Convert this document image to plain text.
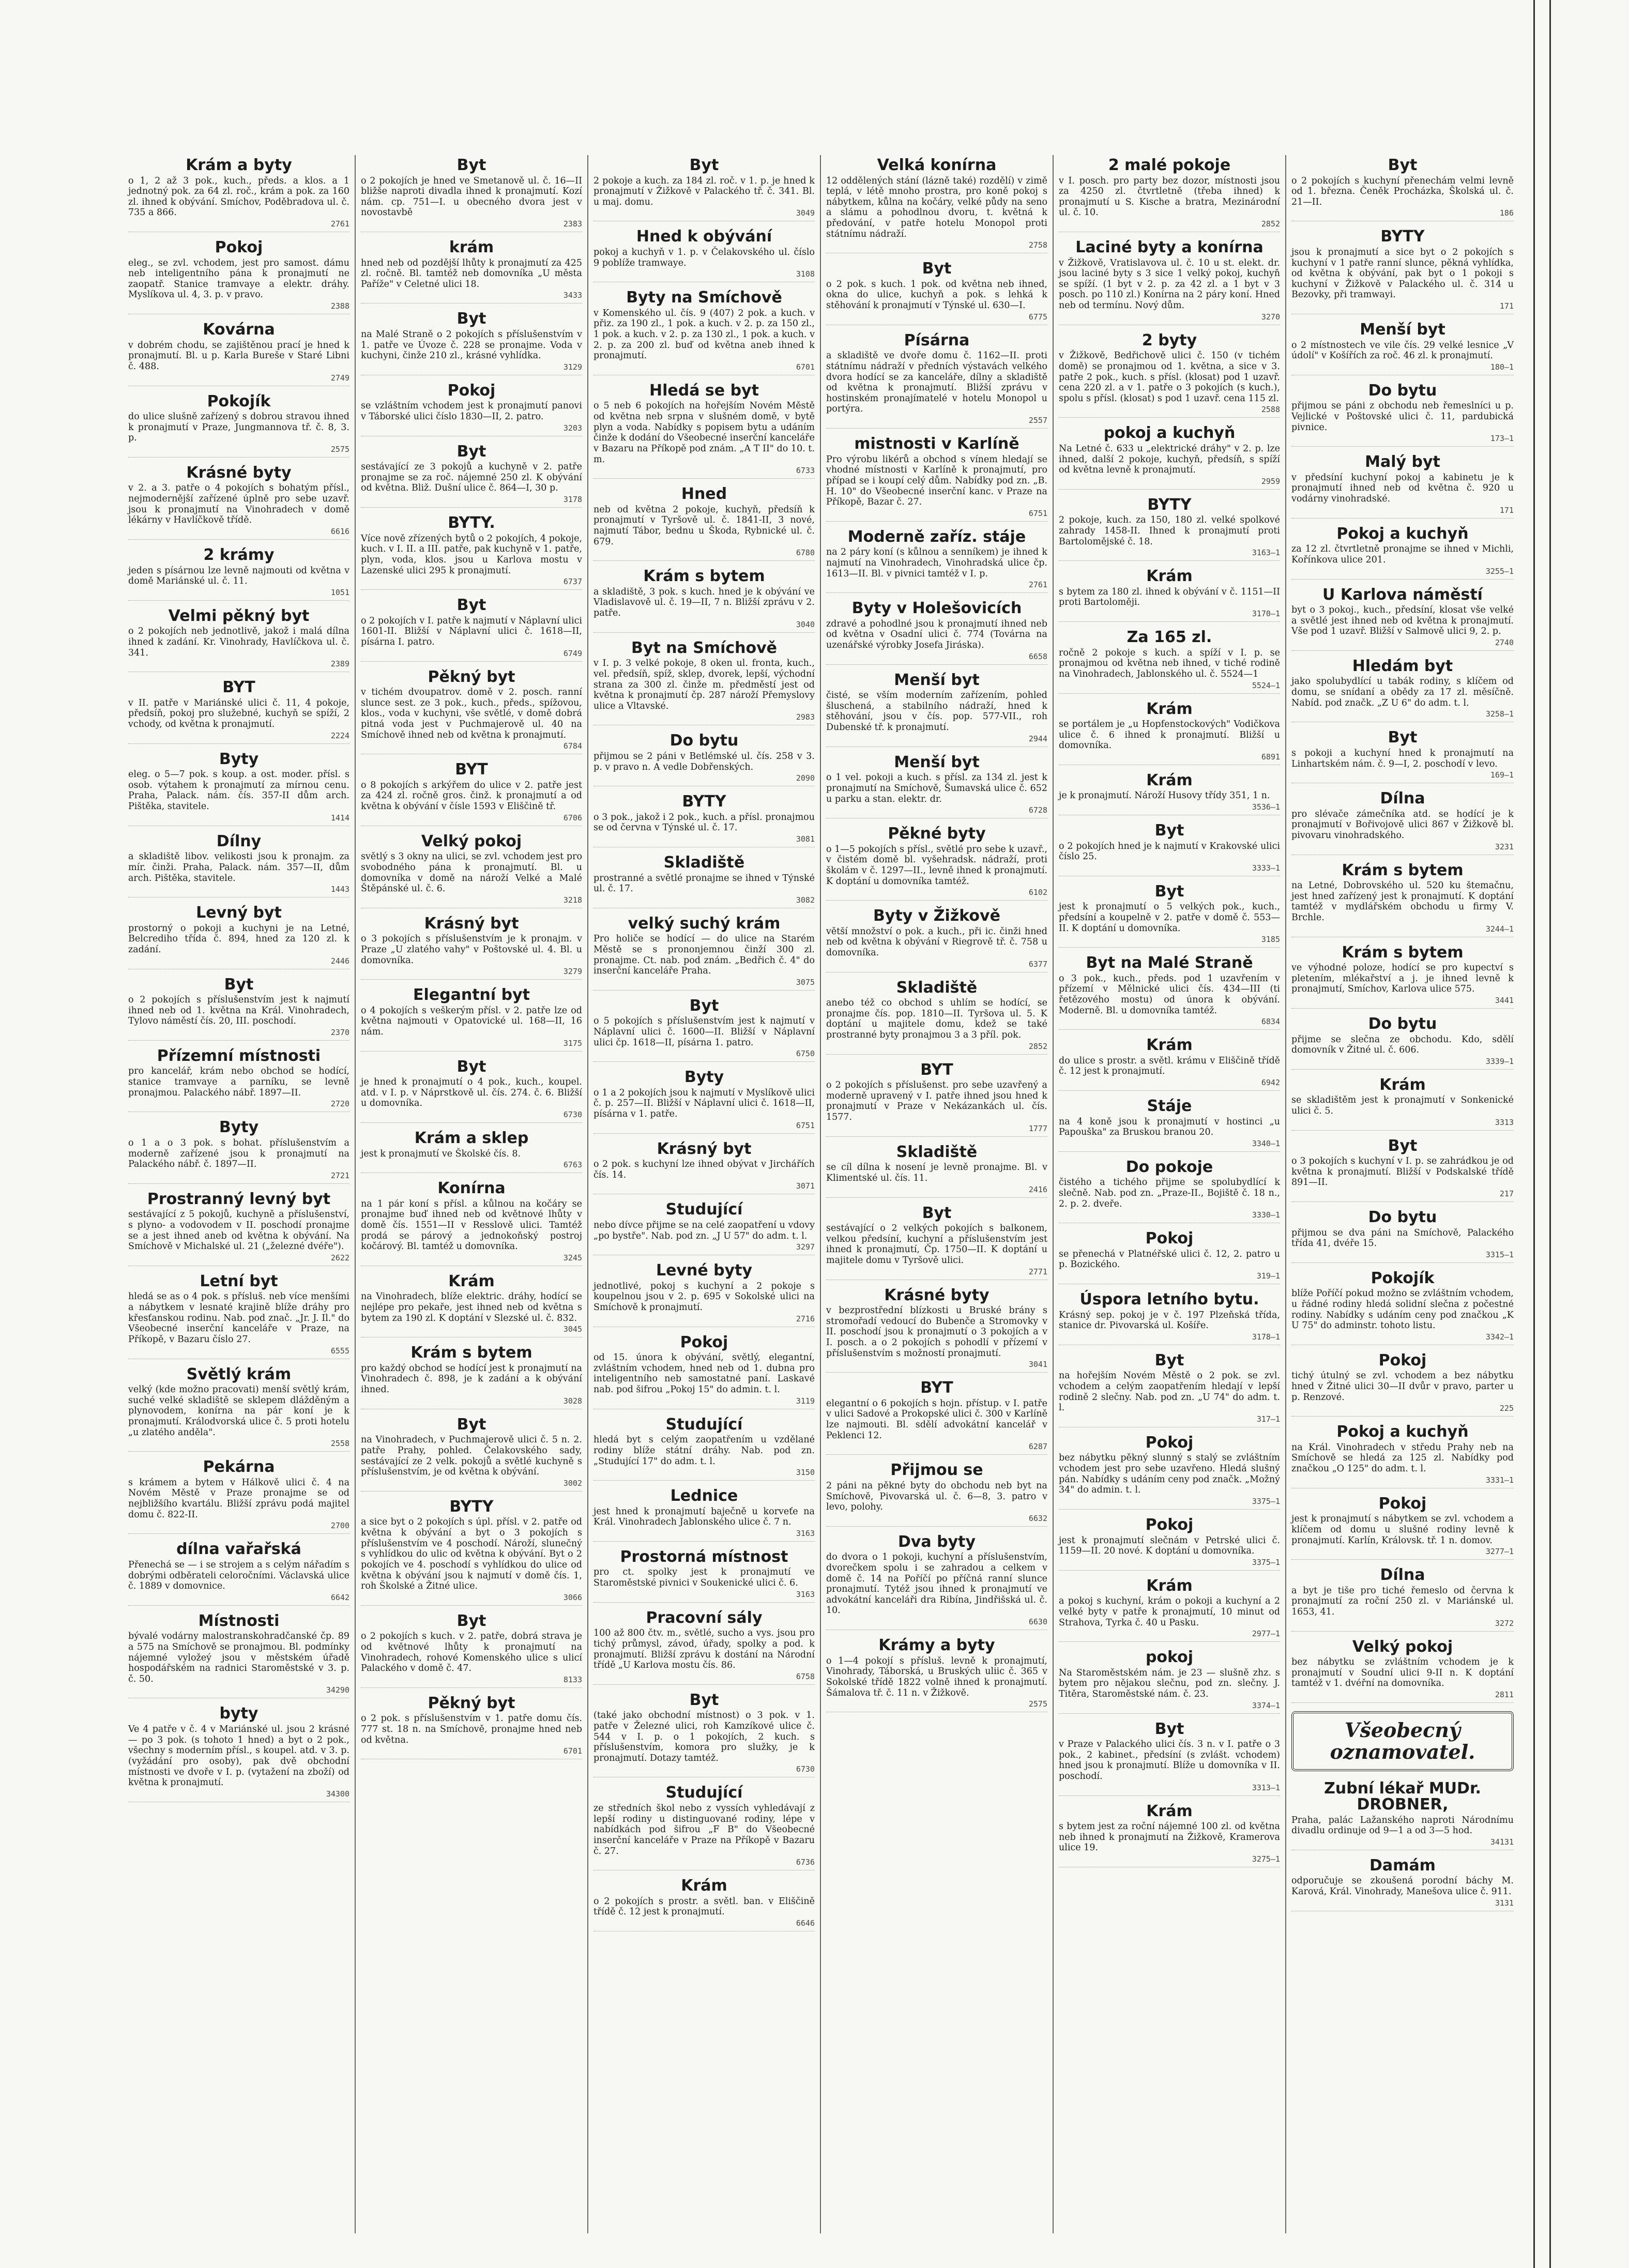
Krám a byty

o 1, 2 až 3 pok., kuch., předs. a klos. a 1 jednotný pok. za 64 zl. roč., krám a pok. za 160 zl. ihned k obývání. Smíchov, Poděbradova ul. č. 735 a 866.

2761
Pokoj

eleg., se zvl. vchodem, jest pro samost. dámu neb inteligentního pána k pronajmutí ne zaopatř. Stanice tramvaye a elektr. dráhy. Myslíkova ul. 4, 3. p. v pravo.

2388
Kovárna

v dobrém chodu, se zajištěnou prací je hned k pronajmutí. Bl. u p. Karla Bureše v Staré Libni č. 488.

2749
Pokojík

do ulice slušně zařízený s dobrou stravou ihned k pronajmutí v Praze, Jungmannova tř. č. 8, 3. p.

2575
Krásné byty

v 2. a 3. patře o 4 pokojích s bohatým přísl., nejmodernější zařízené úplně pro sebe uzavř. jsou k pronajmutí na Vinohradech v domě lékárny v Havlíčkově třídě.

6616
2 krámy

jeden s písárnou lze levně najmouti od května v domě Mariánské ul. č. 11.

1051
Velmi pěkný byt

o 2 pokojích neb jednotlivě, jakož i malá dílna ihned k zadání. Kr. Vinohrady, Havlíčkova ul. č. 341.

2389
BYT

v II. patře v Mariánské ulici č. 11, 4 pokoje, předsíň, pokoj pro služebné, kuchyň se spíží, 2 vchody, od května k pronajmutí.

2224
Byty

eleg. o 5—7 pok. s koup. a ost. moder. přísl. s osob. výtahem k pronajmutí za mírnou cenu. Praha, Palack. nám. čís. 357-II dům arch. Pištěka, stavitele.

1414
Dílny

a skladiště libov. velikosti jsou k pronajm. za mír. činži. Praha, Palack. nám. 357—II, dům arch. Pištěka, stavitele.

1443
Levný byt

prostorný o pokoji a kuchyni je na Letné, Belcrediho třída č. 894, hned za 120 zl. k zadání.

2446
Byt

o 2 pokojích s příslušenstvím jest k najmutí ihned neb od 1. května na Král. Vinohradech, Tylovo náměstí čís. 20, III. poschodí.

2370
Přízemní místnosti

pro kancelář, krám nebo obchod se hodící, stanice tramvaye a parníku, se levně pronajmou. Palackého nábř. 1897—II.

2720
Byty

o 1 a o 3 pok. s bohat. příslušenstvím a moderně zařízené jsou k pronajmutí na Palackého nábř. č. 1897—II.

2721
Prostranný levný byt

sestávající z 5 pokojů, kuchyně a příslušenství, s plyno- a vodovodem v II. poschodí pronajme se a jest ihned aneb od května k obývání. Na Smíchově v Michalské ul. 21 („železné dvéře").

2622
Letní byt

hledá se as o 4 pok. s přísluš. neb více menšími a nábytkem v lesnaté krajině blíže dráhy pro křesťanskou rodinu. Nab. pod znač. „Jr. J. Il." do Všeobecné inserční kanceláře v Praze, na Příkopě, v Bazaru číslo 27.

6555
Světlý krám

velký (kde možno pracovati) menší světlý krám, suché velké skladiště se sklepem dlážděným a plynovodem, konírna na pár koní je k pronajmutí. Králodvorská ulice č. 5 proti hotelu „u zlatého anděla".

2558
Pekárna

s krámem a bytem v Hálkově ulici č. 4 na Novém Městě v Praze pronajme se od nejbližšího kvartálu. Bližší zprávu podá majitel domu č. 822-II.

2700
dílna vařařská

Přenechá se — i se strojem a s celým nářadím s dobrými odběrateli celoročními. Václavská ulice č. 1889 v domovnice.

6642
Místnosti

bývalé vodárny malostranskohradčanské čp. 89 a 575 na Smíchově se pronajmou. Bl. podmínky nájemné vyložeý jsou v městském úřadě hospodářském na radnici Staroměstské v 3. p. č. 50.

34290
byty

Ve 4 patře v č. 4 v Mariánské ul. jsou 2 krásné — po 3 pok. (s tohoto 1 hned) a byt o 2 pok., všechny s moderním přísl., s koupel. atd. v 3. p. (vyžádání pro osoby), pak dvě obchodní místnosti ve dvoře v I. p. (vytažení na zboží) od května k pronajmutí.

34300
Byt

o 2 pokojích je hned ve Smetanově ul. č. 16—II bližše naproti divadla ihned k pronajmutí. Kozí nám. cp. 751—I. u obecného dvora jest v novostavbě

2383
krám

hned neb od pozdější lhůty k pronajmutí za 425 zl. ročně. Bl. tamtéž neb domovníka „U města Paříže" v Celetné ulici 18.

3433
Byt

na Malé Straně o 2 pokojích s příslušenstvím v 1. patře ve Úvoze č. 228 se pronajme. Voda v kuchyni, činže 210 zl., krásné vyhlídka.

3129
Pokoj

se vzláštním vchodem jest k pronajmutí panovi v Táborské ulici číslo 1830—II, 2. patro.

3203
Byt

sestávající ze 3 pokojů a kuchyně v 2. patře pronajme se za roč. nájemné 250 zl. K obývání od května. Bliž. Dušní ulice č. 864—I, 30 p.

3178
BYTY.

Více nově zřízených bytů o 2 pokojích, 4 pokoje, kuch. v I. II. a III. patře, pak kuchyně v 1. patře, plyn, voda, klos. jsou u Karlova mostu v Lazenské ulici 295 k pronajmutí.

6737
Byt

o 2 pokojích v I. patře k najmutí v Náplavní ulici 1601-II. Bližší v Náplavní ulici č. 1618—II, písárna I. patro.

6749
Pěkný byt

v tichém dvoupatrov. domě v 2. posch. ranní slunce sest. ze 3 pok., kuch., předs., spížovou, klos., voda v kuchyni, vše světlé, v domě dobrá pitná voda jest v Puchmajerově ul. 40 na Smíchově ihned neb od května k pronajmutí.

6784
BYT

o 8 pokojích s arkýřem do ulice v 2. patře jest za 424 zl. ročně gros. činž. k pronajmutí a od května k obývání v čísle 1593 v Eliščině tř.

6706
Velký pokoj

světlý s 3 okny na ulici, se zvl. vchodem jest pro svobodného pána k pronajmutí. Bl. u domovníka v domě na nároží Velké a Malé Štěpánské ul. č. 6.

3218
Krásný byt

o 3 pokojích s příslušenstvím je k pronajm. v Praze „U zlatého vahy" v Poštovské ul. 4. Bl. u domovníka.

3279
Elegantní byt

o 4 pokojích s veškerým přísl. v 2. patře lze od května najmouti v Opatovické ul. 168—II, 16 nám.

3175
Byt

je hned k pronajmutí o 4 pok., kuch., koupel. atd. v I. p. v Náprstkově ul. čís. 274. č. 6. Bližší u domovníka.

6730
Krám a sklep

jest k pronajmutí ve Školské čís. 8.

6763
Konírna

na 1 pár koní s přísl. a kůlnou na kočáry se pronajme buď ihned neb od květnové lhůty v domě čís. 1551—II v Resslově ulici. Tamtéž prodá se párový a jednokoňský postroj kočárový. Bl. tamtéž u domovníka.

3245
Krám

na Vinohradech, blíže elektric. dráhy, hodící se nejlépe pro pekaře, jest ihned neb od května s bytem za 190 zl. K doptání v Slezské ul. č. 832.

3045
Krám s bytem

pro každý obchod se hodící jest k pronajmutí na Vinohradech č. 898, je k zadání a k obývání ihned.

3028
Byt

na Vinohradech, v Puchmajerově ulici č. 5 n. 2. patře Prahy, pohled. Čelakovského sady, sestávající ze 2 velk. pokojů a světlé kuchyně s příslušenstvím, je od května k obývání.

3002
BYTY

a sice byt o 2 pokojích s úpl. přísl. v 2. patře od května k obývání a byt o 3 pokojích s příslušenstvím ve 4 poschodí. Nároží, slunečný s vyhlídkou do ulic od května k obývání. Byt o 2 pokojích ve 4. poschodí s vyhlídkou do ulice od května k obývání jsou k najmutí v domě čís. 1, roh Školské a Žitné ulice.

3066
Byt

o 2 pokojích s kuch. v 2. patře, dobrá strava je od květnové lhůty k pronajmutí na Vinohradech, rohové Komenského ulice s ulicí Palackého v domě č. 47.

8133
Pěkný byt

o 2 pok. s příslušenstvím v 1. patře domu čís. 777 st. 18 n. na Smíchově, pronajme hned neb od května.

6701
Byt

2 pokoje a kuch. za 184 zl. roč. v 1. p. je hned k pronajmutí v Žižkově v Palackého tř. č. 341. Bl. u maj. domu.

3049
Hned k obývání

pokoj a kuchyň v 1. p. v Čelakovského ul. číslo 9 poblíže tramwaye.

3108
Byty na Smíchově

v Komenského ul. čís. 9 (407) 2 pok. a kuch. v přiz. za 190 zl., 1 pok. a kuch. v 2. p. za 150 zl., 1 pok. a kuch. v 2. p. za 130 zl., 1 pok. a kuch. v 2. p. za 200 zl. buď od května aneb ihned k pronajmutí.

6701
Hledá se byt

o 5 neb 6 pokojích na hořejším Novém Městě od května neb srpna v slušném domě, v bytě plyn a voda. Nabídky s popisem bytu a udáním činže k dodání do Všeobecné inserční kanceláře v Bazaru na Příkopě pod znám. „A T II" do 10. t. m.

6733
Hned

neb od května 2 pokoje, kuchyň, předsíň k pronajmutí v Tyršově ul. č. 1841-II, 3 nové, najmutí Tábor, bednu u Škoda, Rybnické ul. č. 679.

6780
Krám s bytem

a skladiště, 3 pok. s kuch. hned je k obývání ve Vladislavově ul. č. 19—II, 7 n. Bližší zprávu v 2. patře.

3040
Byt na Smíchově

v I. p. 3 velké pokoje, 8 oken ul. fronta, kuch., vel. předsíň, spíž, sklep, dvorek, lepší, východní strana za 300 zl. činže m. předměstí jest od května k pronajmutí čp. 287 nároží Přemyslovy ulice a Vltavské.

2983
Do bytu

přijmou se 2 páni v Betlémské ul. čís. 258 v 3. p. v pravo n. A vedle Dobřenských.

2090
BYTY

o 3 pok., jakož i 2 pok., kuch. a přísl. pronajmou se od června v Týnské ul. č. 17.

3081
Skladiště

prostranné a světlé pronajme se ihned v Týnské ul. č. 17.

3082
velký suchý krám

Pro holiče se hodící — do ulice na Starém Městě se s prononjemnou činží 300 zl. pronajme. Ct. nab. pod znám. „Bedřich č. 4" do inserční kanceláře Praha.

3075
Byt

o 5 pokojích s příslušenstvím jest k najmutí v Náplavní ulici č. 1600—II. Bližší v Náplavní ulici čp. 1618—II, písárna 1. patro.

6750
Byty

o 1 a 2 pokojích jsou k najmutí v Myslíkově ulici č. p. 257—II. Bližší v Náplavní ulici č. 1618—II, písárna v 1. patře.

6751
Krásný byt

o 2 pok. s kuchyní lze ihned obývat v Jirchářích čís. 14.

3071
Studující

nebo dívce přijme se na celé zaopatření u vdovy „po bystře". Nab. pod zn. „J U 57" do adm. t. l.

3297
Levné byty

jednotlivé, pokoj s kuchyní a 2 pokoje s koupelnou jsou v 2. p. 695 v Sokolské ulici na Smíchově k pronajmutí.

2716
Pokoj

od 15. února k obývání, světlý, elegantní, zvláštním vchodem, hned neb od 1. dubna pro inteligentního neb samostatné paní. Laskavé nab. pod šifrou „Pokoj 15" do admin. t. l.

3119
Studující

hledá byt s celým zaopatřením u vzdělané rodiny blíže státní dráhy. Nab. pod zn. „Studující 17" do adm. t. l.

3150
Lednice

jest hned k pronajmutí baječně u korveťe na Král. Vinohradech Jablonského ulice č. 7 n.

3163
Prostorná místnost

pro ct. spolky jest k pronajmutí ve Staroměstské pivnici v Soukenické ulici č. 6.

3163
Pracovní sály

100 až 800 čtv. m., světlé, sucho a vys. jsou pro tichý průmysl, závod, úřady, spolky a pod. k pronajmutí. Bližší zprávu k dostání na Národní třídě „U Karlova mostu čís. 86.

6758
Byt

(také jako obchodní místnost) o 3 pok. v 1. patře v Železné ulici, roh Kamzíkové ulice č. 544 v I. p. o 1 pokojích, 2 kuch. s příslušenstvím, komora pro služky, je k pronajmutí. Dotazy tamtéž.

6730
Studující

ze středních škol nebo z vyssích vyhledávají z lepší rodiny u distinguované rodiny, lépe v nabídkách pod šifrou „F B" do Všeobecné inserční kanceláře v Praze na Příkopě v Bazaru č. 27.

6736
Krám

o 2 pokojích s prostr. a světl. ban. v Eliščině třídě č. 12 jest k pronajmutí.

6646
Velká konírna

12 oddělených stání (lázně také) rozdělí) v zimě teplá, v létě mnoho prostra, pro koně pokoj s nábytkem, kůlna na kočáry, velké půdy na seno a slámu a pohodlnou dvoru, t. květná k předování, v patře hotelu Monopol proti státnímu nádraží.

2758
Byt

o 2 pok. s kuch. 1 pok. od května neb ihned, okna do ulice, kuchyň a pok. s lehká k stěhování k pronajmutí v Týnské ul. 630—I.

6775
Písárna

a skladiště ve dvoře domu č. 1162—II. proti státnímu nádraží v předních výstavách velkého dvora hodící se za kanceláře, dílny a skladiště od května k pronajmutí. Bližší zprávu v hostinském pronajímatelé v hotelu Monopol u portýra.

2557
mistnosti v Karlíně

Pro výrobu likérů a obchod s vínem hledají se vhodné místnosti v Karlíně k pronajmutí, pro případ se i koupí celý dům. Nabídky pod zn. „B. H. 10" do Všeobecné inserční kanc. v Praze na Příkopě, Bazar č. 27.

6751
Moderně zaříz. stáje

na 2 páry koní (s kůlnou a senníkem) je ihned k najmutí na Vinohradech, Vinohradská ulice čp. 1613—II. Bl. v pivnici tamtéž v I. p.

2761
Byty v Holešovicích

zdravé a pohodlné jsou k pronajmutí ihned neb od května v Osadní ulici č. 774 (Továrna na uzenářské výrobky Josefa Jiráska).

6658
Menší byt

čisté, se vším moderním zařízením, pohled šluschená, a stabilního nádraží, hned k stěhování, jsou v čís. pop. 577-VII., roh Dubenské tř. k pronajmutí.

2944
Menší byt

o 1 vel. pokoji a kuch. s přísl. za 134 zl. jest k pronajmutí na Smíchově, Šumavská ulice č. 652 u parku a stan. elektr. dr.

6728
Pěkné byty

o 1—5 pokojích s přísl., světlé pro sebe k uzavř., v čistém domě bl. vyšehradsk. nádraží, proti školám v č. 1297—II., levně ihned k pronajmutí. K doptání u domovníka tamtéž.

6102
Byty v Žižkově

větší množství o pok. a kuch., při ic. činži hned neb od května k obývání v Riegrově tř. č. 758 u domovníka.

6377
Skladiště

anebo též co obchod s uhlím se hodící, se pronajme čís. pop. 1810—II. Tyršova ul. 5. K doptání u majitele domu, kdež se také prostranné byty pronajmou 3 a 3 příl. pok.

2852
BYT

o 2 pokojích s příslušenst. pro sebe uzavřený a moderně upravený v I. patře ihned jsou hned k pronajmutí v Praze v Nekázankách ul. čís. 1577.

1777
Skladiště

se cíl dílna k nosení je levně pronajme. Bl. v Klimentské ul. čís. 11.

2416
Byt

sestávající o 2 velkých pokojích s balkonem, velkou předsíní, kuchyní a příslušenstvím jest ihned k pronajmutí, Čp. 1750—II. K doptání u majitele domu v Tyršově ulici.

2771
Krásné byty

v bezprostřední blízkosti u Bruské brány s stromořadí vedoucí do Bubenče a Stromovky v II. poschodí jsou k pronajmutí o 3 pokojích a v I. posch. a o 2 pokojích s pohodlí v přízemí v příslušenstvím s možností pronajmutí.

3041
BYT

elegantní o 6 pokojích s hojn. přístup. v I. patře v ulici Sadové a Prokopské ulici č. 300 v Karlíně lze najmouti. Bl. sdělí advokátní kancelář v Peklenci 12.

6287
Přijmou se

2 páni na pěkné byty do obchodu neb byt na Smíchově, Pivovarská ul. č. 6—8, 3. patro v levo, polohy.

6632
Dva byty

do dvora o 1 pokoji, kuchyní a příslušenstvím, dvorečkem spolu i se zahradou a celkem v domě č. 14 na Poříčí po příčná ranní slunce pronajmutí. Tytéž jsou ihned k pronajmutí ve advokátní kanceláři dra Ribína, Jindřišská ul. č. 10.

6630
Krámy a byty

o 1—4 pokojí s přísluš. levně k pronajmutí, Vinohrady, Táborská, u Bruských uliic č. 365 v Sokolské třídě 1822 volně ihned k pronajmutí. Šámalova tř. č. 11 n. v Žižkově.

2575
2 malé pokoje

v I. posch. pro party bez dozor, místnosti jsou za 4250 zl. čtvrtletně (třeba ihned) k pronajmutí u S. Kische a bratra, Mezinárodní ul. č. 10.

2852
Laciné byty a konírna

v Žižkově, Vratislavova ul. č. 10 u st. elekt. dr. jsou laciné byty s 3 sice 1 velký pokoj, kuchyň se spíží. (1 byt v 2. p. za 42 zl. a 1 byt v 3 posch. po 110 zl.) Konírna na 2 páry koní. Hned neb od termínu. Nový dům.

3270
2 byty

v Žižkově, Bedřichově ulici č. 150 (v tichém domě) se pronajmou od 1. května, a sice v 3. patře 2 pok., kuch. s přísl. (klosat) pod 1 uzavř. cena 220 zl. a v 1. patře o 3 pokojích (s kuch.), spolu s přísl. (klosat) s pod 1 uzavř. cena 115 zl.

2588
pokoj a kuchyň

Na Letné č. 633 u „elektrické dráhy" v 2. p. lze ihned, další 2 pokoje, kuchyň, předsíň, s spíží od května levně k pronajmutí.

2959
BYTY

2 pokoje, kuch. za 150, 180 zl. velké spolkové zahrady 1458-II. Ihned k pronajmutí proti Bartolomějské č. 18.

3163—1
Krám

s bytem za 180 zl. ihned k obývání v č. 1151—II proti Bartoloměji.

3170—1
Za 165 zl.

ročně 2 pokoje s kuch. a spíží v I. p. se pronajmou od května neb ihned, v tiché rodině na Vinohradech, Jablonského ul. č. 5524—1

5524—1
Krám

se portálem je „u Hopfenstockových" Vodičkova ulice č. 6 ihned k pronajmutí. Bližší u domovníka.

6891
Krám

je k pronajmutí. Nároží Husovy třídy 351, 1 n.

3536—1
Byt

o 2 pokojích hned je k najmutí v Krakovské ulici číslo 25.

3333—1
Byt

jest k pronajmutí o 5 velkých pok., kuch., předsíní a koupelně v 2. patře v domě č. 553—II. K doptání u domovníka.

3185
Byt na Malé Straně

o 3 pok., kuch., předs. pod 1 uzavřením v přízemí v Mělnické ulici čís. 434—III (ti řetězového mostu) od února k obývání. Moderně. Bl. u domovníka tamtéž.

6834
Krám

do ulice s prostr. a světl. krámu v Eliščině třídě č. 12 jest k pronajmutí.

6942
Stáje

na 4 koně jsou k pronajmutí v hostinci „u Papouška" za Bruskou branou 20.

3340—1
Do pokoje

čistého a tichého přijme se spolubydlící k slečně. Nab. pod zn. „Praze-II., Bojiště č. 18 n., 2. p. 2. dveře.

3330—1
Pokoj

se přenechá v Platnéřské ulici č. 12, 2. patro u p. Bozického.

319—1
Úspora letního bytu.

Krásný sep. pokoj je v č. 197 Plzeňská třída, stanice dr. Pivovarská ul. Košíře.

3178—1
Byt

na hořejším Novém Městě o 2 pok. se zvl. vchodem a celým zaopatřením hledají v lepší rodině 2 slečny. Nab. pod zn. „U 74" do adm. t. l.

317—1
Pokoj

bez nábytku pěkný slunný s stalý se zvláštním vchodem jest pro sebe uzavřeno. Hledá slušný pán. Nabídky s udáním ceny pod značk. „Možný 34" do admin. t. l.

3375—1
Pokoj

jest k pronajmutí slečnám v Petrské ulici č. 1159—II. 20 nové. K doptání u domovníka.

3375—1
Krám

a pokoj s kuchyní, krám o pokoji a kuchyní a 2 velké byty v patře k pronajmutí, 10 minut od Strahova, Tyrka č. 40 u Pasku.

2977—1
pokoj

Na Staroměstském nám. je 23 — slušně zhz. s bytem pro nějakou slečnu, pod zn. slečny. J. Titěra, Staroměstské nám. č. 23.

3374—1
Byt

v Praze v Palackého ulici čís. 3 n. v I. patře o 3 pok., 2 kabinet., předsíní (s zvlášt. vchodem) hned jsou k pronajmutí. Blíže u domovníka v II. poschodí.

3313—1
Krám

s bytem jest za roční nájemné 100 zl. od května neb ihned k pronajmutí na Žižkově, Kramerova ulice 19.

3275—1
Byt

o 2 pokojích s kuchyní přenechám velmi levně od 1. března. Čeněk Procházka, Školská ul. č. 21—II.

186
BYTY

jsou k pronajmutí a sice byt o 2 pokojích s kuchyní v 1 patře ranní slunce, pěkná vyhlídka, od května k obývání, pak byt o 1 pokoji s kuchyní v Žižkově v Palackého ul. č. 314 u Bezovky, při tramwayi.

171
Menší byt

o 2 místnostech ve vile čís. 29 velké lesnice „V údolí" v Košířích za roč. 46 zl. k pronajmutí.

180—1
Do bytu

přijmou se páni z obchodu neb řemeslníci u p. Vejlické v Poštovské ulici č. 11, pardubická pivnice.

173—1
Malý byt

v předsíní kuchyní pokoj a kabinetu je k pronajmutí ihned neb od května č. 920 u vodárny vinohradské.

171
Pokoj a kuchyň

za 12 zl. čtvrtletně pronajme se ihned v Michli, Kořínkova ulice 201.

3255—1
U Karlova náměstí

byt o 3 pokoj., kuch., předsíní, klosat vše velké a světlé jest ihned neb od května k pronajmutí. Vše pod 1 uzavř. Bližší v Salmově ulici 9, 2. p.

2740
Hledám byt

jako spolubydlící u tabák rodiny, s klíčem od domu, se snídaní a obědy za 17 zl. měsíčně. Nabíd. pod značk. „Z U 6" do adm. t. l.

3258—1
Byt

s pokoji a kuchyní hned k pronajmutí na Linhartském nám. č. 9—I, 2. poschodí v levo.

169—1
Dílna

pro slévače zámečníka atd. se hodící je k pronajmutí v Bořivojově ulici 867 v Žižkově bl. pivovaru vinohradského.

3231
Krám s bytem

na Letné, Dobrovského ul. 520 ku štemačnu, jest hned zařízený jest k pronajmutí. K doptání tamtéž v mydlářském obchodu u firmy V. Brchle.

3244—1
Krám s bytem

ve výhodné poloze, hodící se pro kupectví s pletením, mlékařství a j. je ihned levně k pronajmutí, Smíchov, Karlova ulice 575.

3441
Do bytu

přijme se slečna ze obchodu. Kdo, sdělí domovník v Žitné ul. č. 606.

3339—1
Krám

se skladištěm jest k pronajmutí v Sonkenické ulici č. 5.

3313
Byt

o 3 pokojích s kuchyní v I. p. se zahrádkou je od května k pronajmutí. Bližší v Podskalské třídě 891—II.

217
Do bytu

přijmou se dva páni na Smíchově, Palackého třída 41, dvéře 15.

3315—1
Pokojík

blíže Poříčí pokud možno se zvláštním vchodem, u řádné rodiny hledá solidní slečna z počestné rodiny. Nabídky s udáním ceny pod značkou „K U 75" do adminstr. tohoto listu.

3342—1
Pokoj

tichý útulný se zvl. vchodem a bez nábytku hned v Žitné ulici 30—II dvůr v pravo, parter u p. Renzové.

225
Pokoj a kuchyň

na Král. Vinohradech v středu Prahy neb na Smíchově se hledá za 125 zl. Nabídky pod značkou „O 125" do adm. t. l.

3331—1
Pokoj

jest k pronajmutí s nábytkem se zvl. vchodem a klíčem od domu u slušné rodiny levně k pronajmutí. Karlín, Královsk. tř. 1 n. domov.

3277—1
Dílna

a byt je tiše pro tiché řemeslo od června k pronajmutí za roční 250 zl. v Mariánské ul. 1653, 41.

3272
Velký pokoj

bez nábytku se zvláštním vchodem je k pronajmutí v Soudní ulici 9-II n. K doptání tamtéž v 1. dvéřní na domovníka.

2811
Všeobecný
oznamovatel.
Zubní lékař MUDr. DROBNER,

Praha, palác Lažanského naproti Národnímu divadlu ordinuje od 9—1 a od 3—5 hod.

34131
Damám

odporučuje se zkoušená porodní báchy M. Karová, Král. Vinohrady, Manešova ulice č. 911.

3131
